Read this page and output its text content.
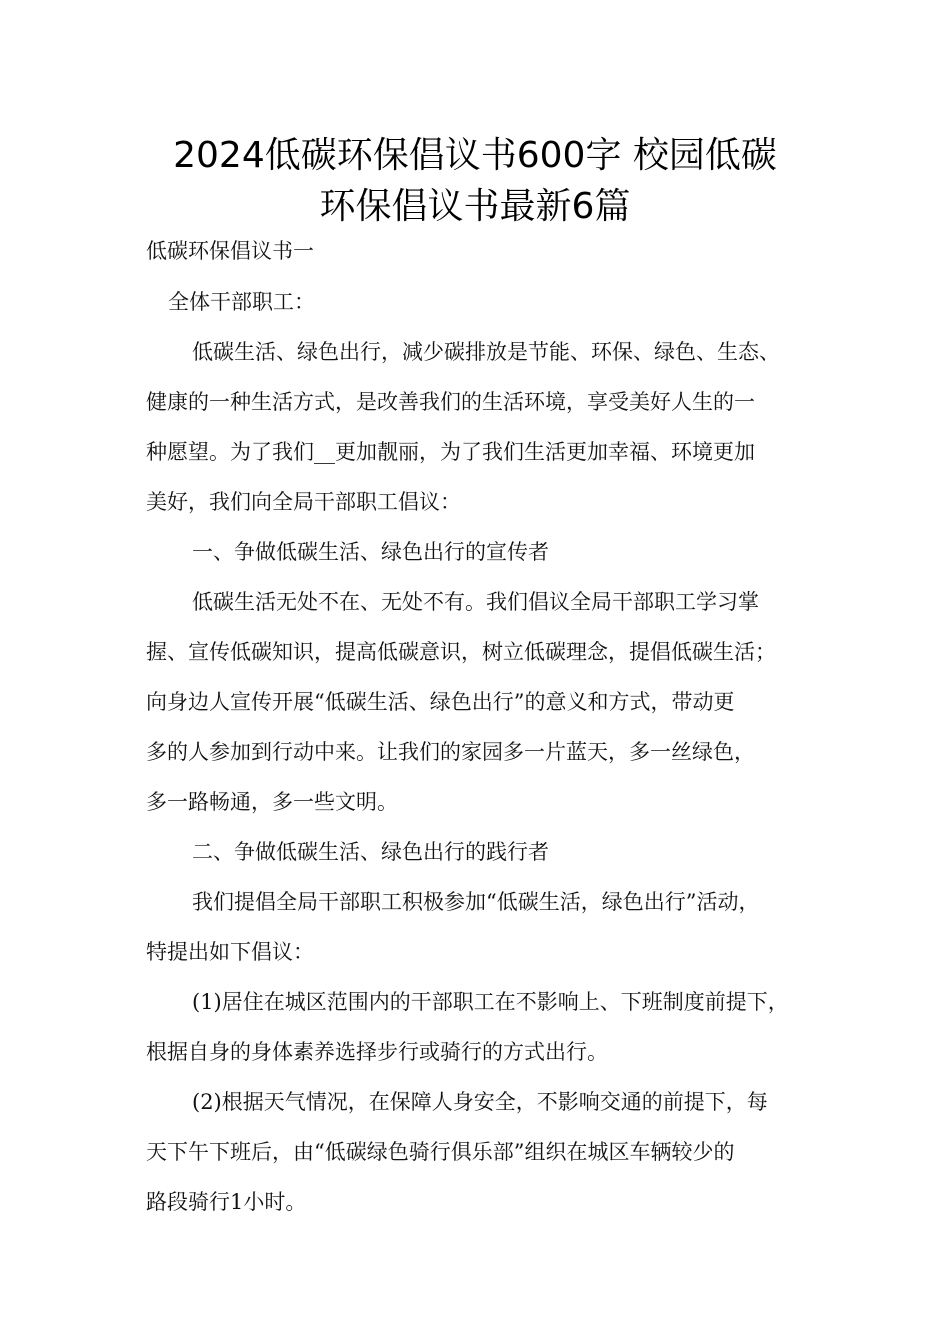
2024低碳环保倡议书600字 校园低碳
环保倡议书最新6篇
低碳环保倡议书一
全体干部职工：
低碳生活、绿色出行，减少碳排放是节能、环保、绿色、生态、
健康的一种生活方式，是改善我们的生活环境，享受美好人生的一
种愿望。为了我们__更加靓丽，为了我们生活更加幸福、环境更加
美好，我们向全局干部职工倡议：
一、争做低碳生活、绿色出行的宣传者
低碳生活无处不在、无处不有。我们倡议全局干部职工学习掌
握、宣传低碳知识，提高低碳意识，树立低碳理念，提倡低碳生活；
向身边人宣传开展“低碳生活、绿色出行”的意义和方式，带动更
多的人参加到行动中来。让我们的家园多一片蓝天，多一丝绿色，
多一路畅通，多一些文明。
二、争做低碳生活、绿色出行的践行者
我们提倡全局干部职工积极参加“低碳生活，绿色出行”活动，
特提出如下倡议：
(1)居住在城区范围内的干部职工在不影响上、下班制度前提下，
根据自身的身体素养选择步行或骑行的方式出行。
(2)根据天气情况，在保障人身安全，不影响交通的前提下，每
天下午下班后，由“低碳绿色骑行俱乐部”组织在城区车辆较少的
路段骑行1小时。
